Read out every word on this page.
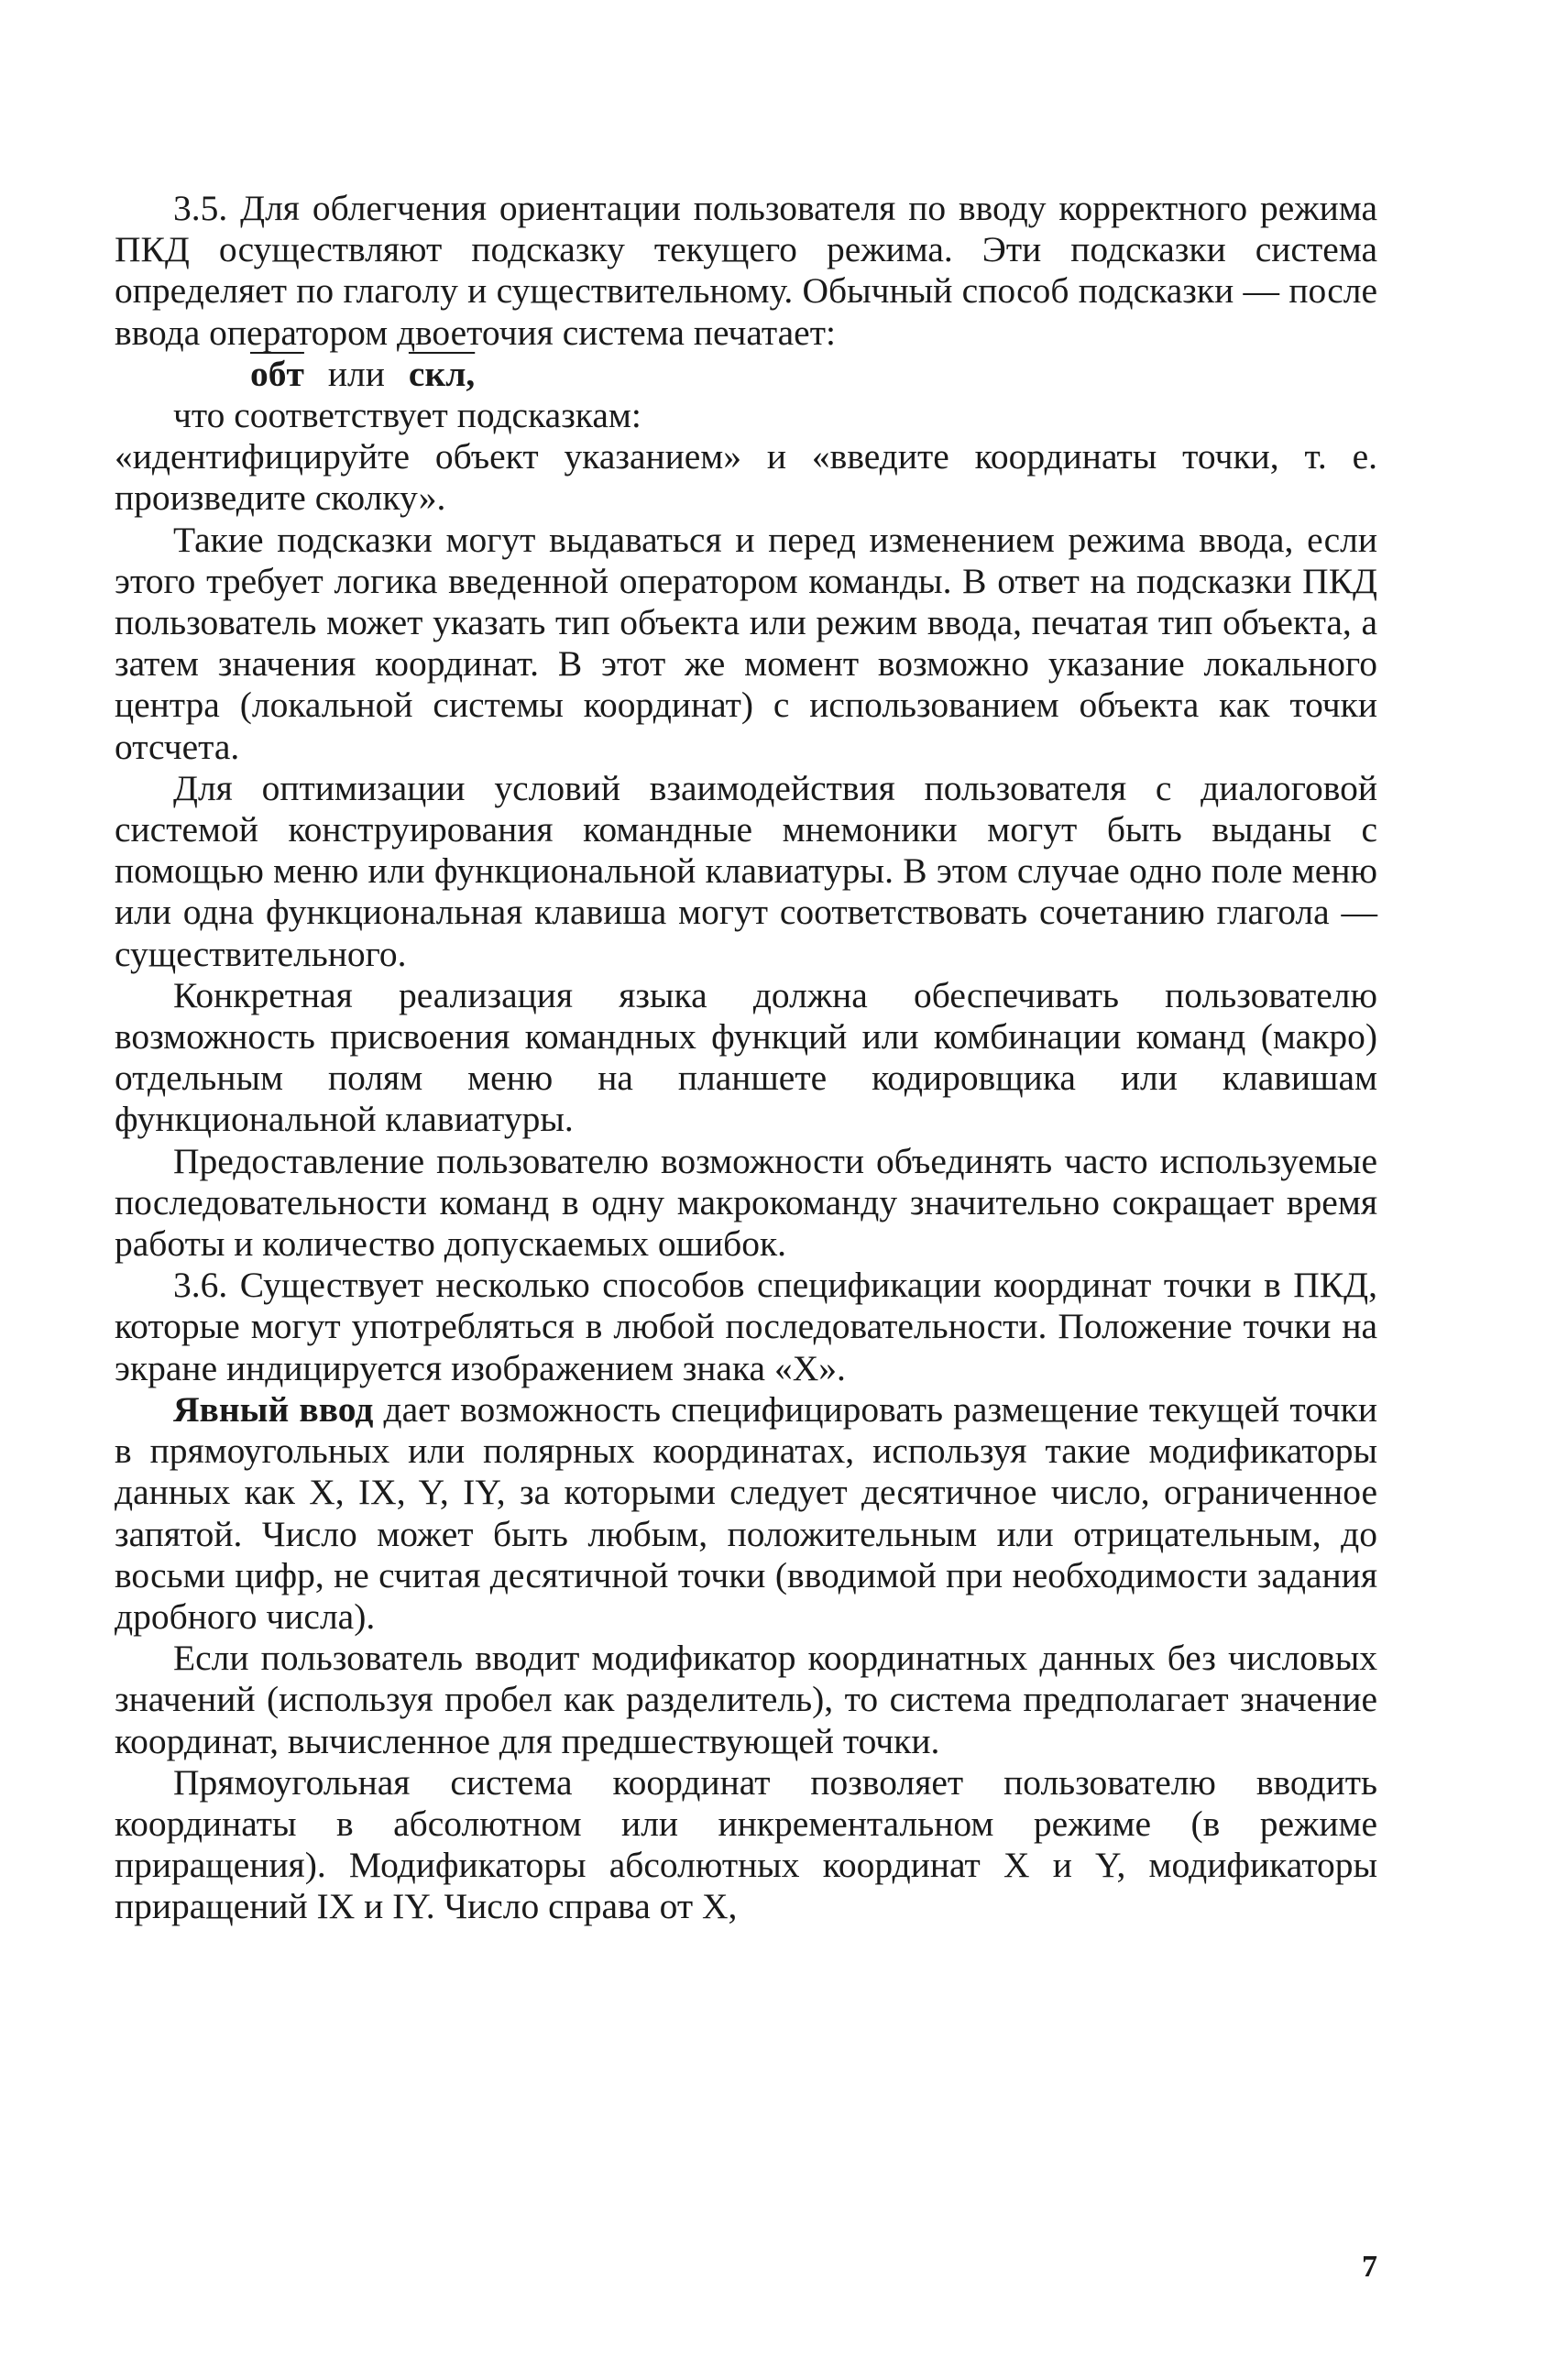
3.5. Для облегчения ориентации пользователя по вводу корректного режима ПКД осуществляют подсказку текущего режима. Эти подсказки система определяет по глаголу и существительному. Обычный способ подсказки — после ввода оператором двоеточия система печатает:

обт или скл,

что соответствует подсказкам:

«идентифицируйте объект указанием» и «введите координаты точки, т. е. произведите сколку».

Такие подсказки могут выдаваться и перед изменением режима ввода, если этого требует логика введенной оператором команды. В ответ на подсказки ПКД пользователь может указать тип объекта или режим ввода, печатая тип объекта, а затем значения координат. В этот же момент возможно указание локального центра (локальной системы координат) с использованием объекта как точки отсчета.

Для оптимизации условий взаимодействия пользователя с диалоговой системой конструирования командные мнемоники могут быть выданы с помощью меню или функциональной клавиатуры. В этом случае одно поле меню или одна функциональная клавиша могут соответствовать сочетанию глагола — существительного.

Конкретная реализация языка должна обеспечивать пользователю возможность присвоения командных функций или комбинации команд (макро) отдельным полям меню на планшете кодировщика или клавишам функциональной клавиатуры.

Предоставление пользователю возможности объединять часто используемые последовательности команд в одну макрокоманду значительно сокращает время работы и количество допускаемых ошибок.

3.6. Существует несколько способов спецификации координат точки в ПКД, которые могут употребляться в любой последовательности. Положение точки на экране индицируется изображением знака «X».

Явный ввод дает возможность специфицировать размещение текущей точки в прямоугольных или полярных координатах, используя такие модификаторы данных как X, IX, Y, IY, за которыми следует десятичное число, ограниченное запятой. Число может быть любым, положительным или отрицательным, до восьми цифр, не считая десятичной точки (вводимой при необходимости задания дробного числа).

Если пользователь вводит модификатор координатных данных без числовых значений (используя пробел как разделитель), то система предполагает значение координат, вычисленное для предшествующей точки.

Прямоугольная система координат позволяет пользователю вводить координаты в абсолютном или инкрементальном режиме (в режиме приращения). Модификаторы абсолютных координат X и Y, модификаторы приращений IX и IY. Число справа от X,

7
